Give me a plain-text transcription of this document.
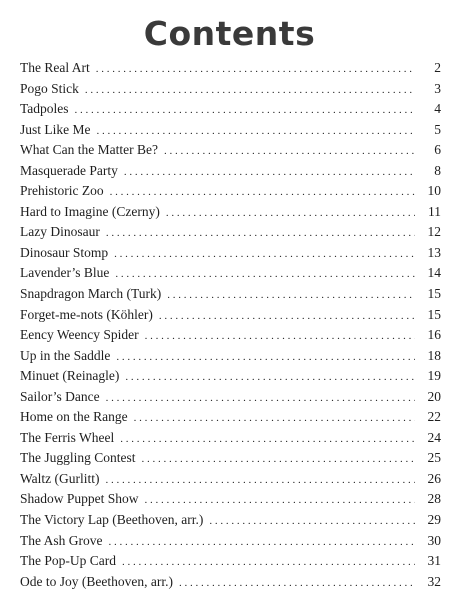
Contents
The Real Art . . .	2
Pogo Stick . . .	3
Tadpoles . . .	4
Just Like Me . . .	5
What Can the Matter Be? . . .	6
Masquerade Party . . .	8
Prehistoric Zoo . . .	10
Hard to Imagine (Czerny) . . .	11
Lazy Dinosaur . . .	12
Dinosaur Stomp . . .	13
Lavender’s Blue . . .	14
Snapdragon March (Turk) . . .	15
Forget-me-nots (Köhler) . . .	15
Eency Weency Spider . . .	16
Up in the Saddle . . .	18
Minuet (Reinagle) . . .	19
Sailor’s Dance . . .	20
Home on the Range . . .	22
The Ferris Wheel . . .	24
The Juggling Contest . . .	25
Waltz (Gurlitt) . . .	26
Shadow Puppet Show . . .	28
The Victory Lap (Beethoven, arr.) . . .	29
The Ash Grove . . .	30
The Pop-Up Card . . .	31
Ode to Joy (Beethoven, arr.) . . .	32
